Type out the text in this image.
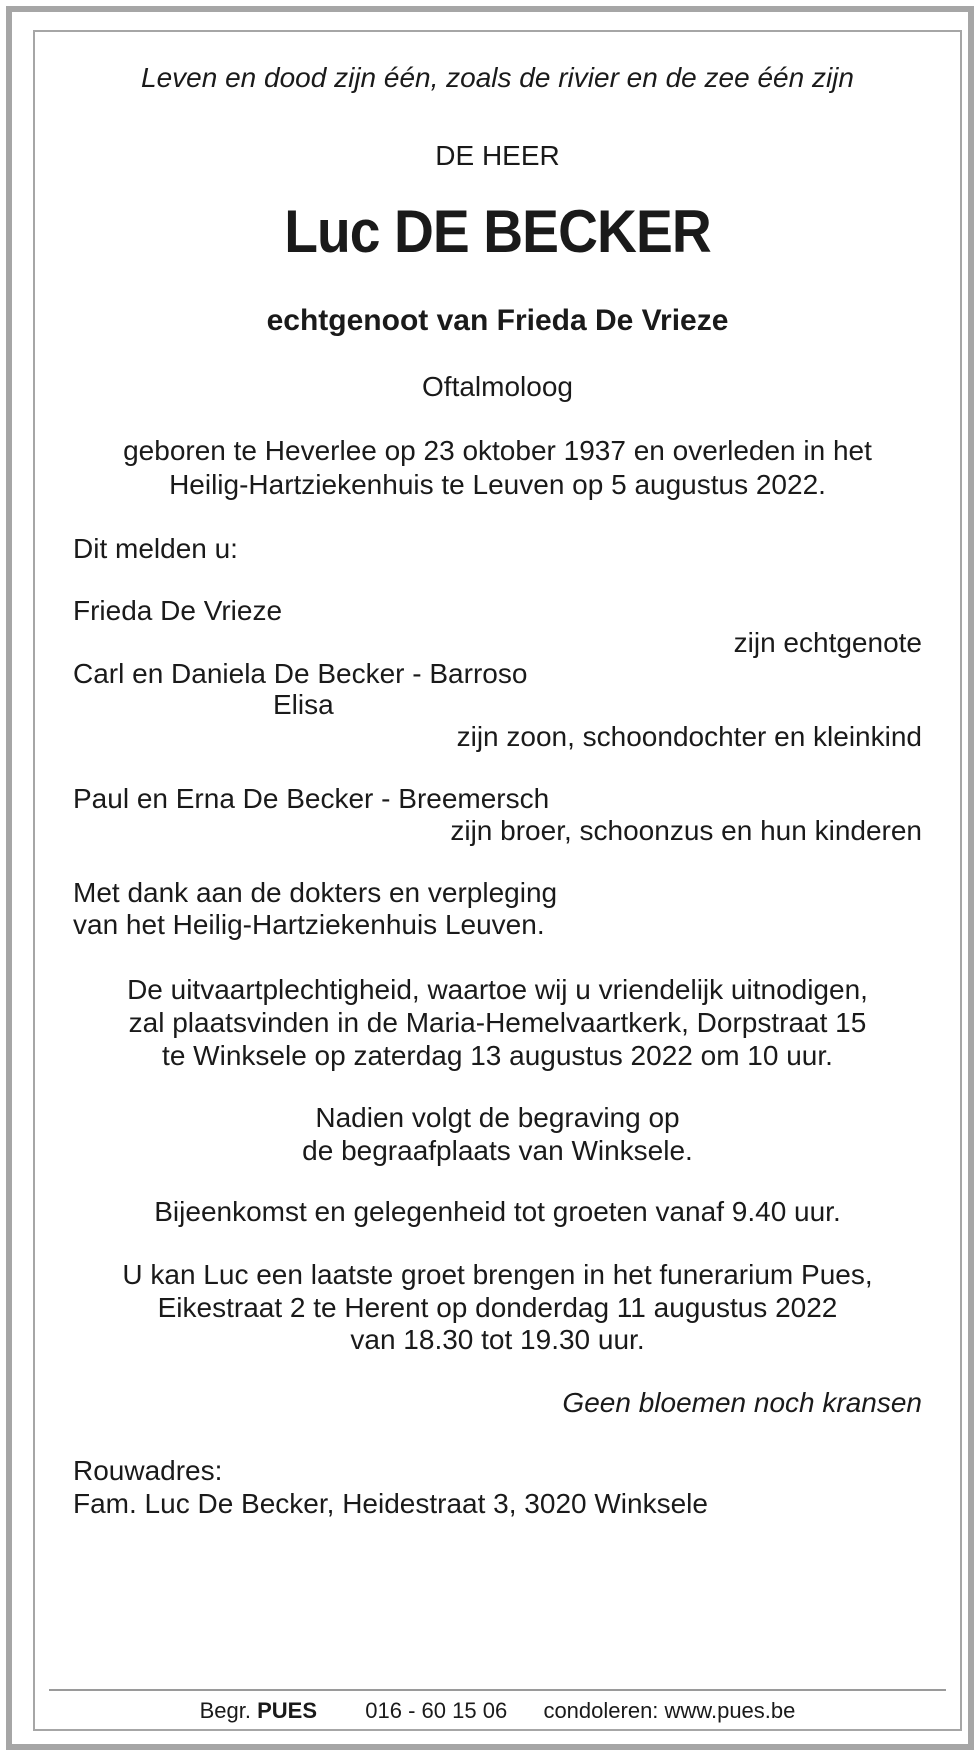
Leven en dood zijn één, zoals de rivier en de zee één zijn

DE HEER

Luc DE BECKER

echtgenoot van Frieda De Vrieze

Oftalmoloog

geboren te Heverlee op 23 oktober 1937 en overleden in het

Heilig-Hartziekenhuis te Leuven op 5 augustus 2022.

Dit melden u:

Frieda De Vrieze

zijn echtgenote

Carl en Daniela De Becker - Barroso

Elisa

zijn zoon, schoondochter en kleinkind

Paul en Erna De Becker - Breemersch

zijn broer, schoonzus en hun kinderen

Met dank aan de dokters en verpleging

van het Heilig-Hartziekenhuis Leuven.

De uitvaartplechtigheid, waartoe wij u vriendelijk uitnodigen,

zal plaatsvinden in de Maria-Hemelvaartkerk, Dorpstraat 15

te Winksele op zaterdag 13 augustus 2022 om 10 uur.

Nadien volgt de begraving op

de begraafplaats van Winksele.

Bijeenkomst en gelegenheid tot groeten vanaf 9.40 uur.

U kan Luc een laatste groet brengen in het funerarium Pues,

Eikestraat 2 te Herent op donderdag 11 augustus 2022

van 18.30 tot 19.30 uur.

Geen bloemen noch kransen

Rouwadres:

Fam. Luc De Becker, Heidestraat 3, 3020 Winksele

Begr. PUES 016 - 60 15 06 condoleren: www.pues.be
